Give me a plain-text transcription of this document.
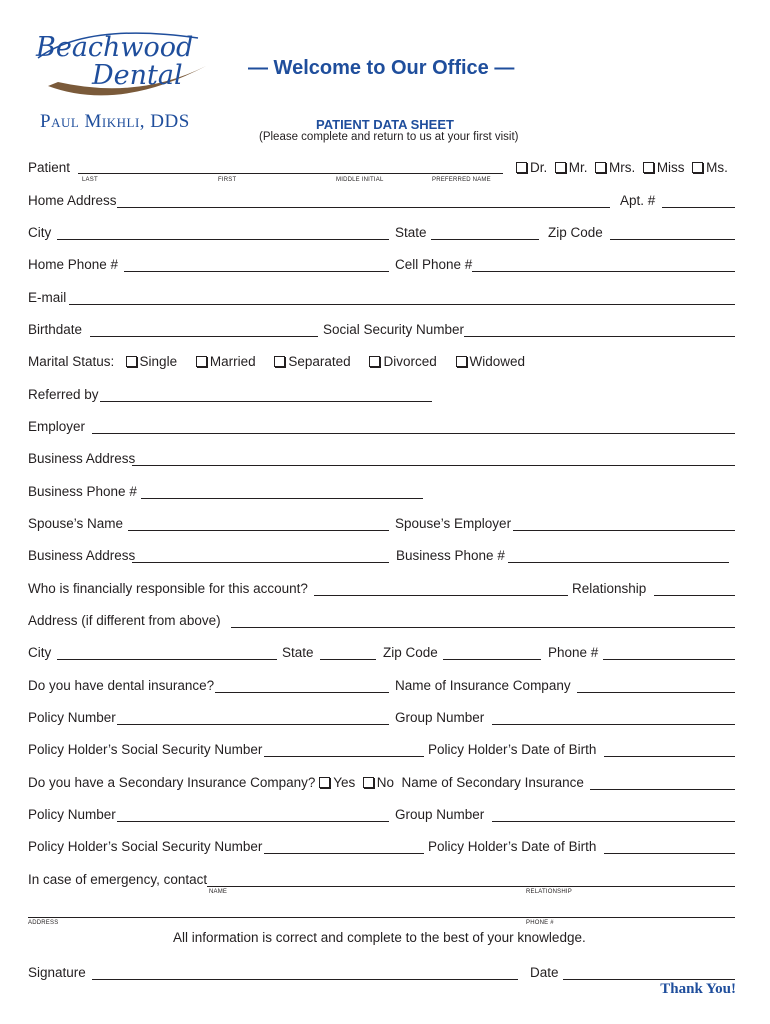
Beachwood
Dental	— Welcome to Our Office —
Paul Mikhli, DDS	PATIENT DATA SHEET
(Please complete and return to us at your first visit)
Patient
LAST	FIRST	MIDDLE INITIAL	PREFERRED NAME
Dr. Mr. Mrs. Miss Ms.
Home Address	Apt. #
City	State	Zip Code
Home Phone #	Cell Phone #
E-mail
Birthdate	Social Security Number
Marital Status: Single Married Separated Divorced Widowed
Referred by
Employer
Business Address
Business Phone #
Spouse’s Name	Spouse’s Employer
Business Address	Business Phone #
Who is financially responsible for this account?	Relationship
Address (if different from above)
City	State	Zip Code	Phone #
Do you have dental insurance?	Name of Insurance Company
Policy Number	Group Number
Policy Holder’s Social Security Number	Policy Holder’s Date of Birth
Do you have a Secondary Insurance Company? Yes No Name of Secondary Insurance
Policy Number	Group Number
Policy Holder’s Social Security Number	Policy Holder’s Date of Birth
In case of emergency, contact
NAME	RELATIONSHIP
ADDRESS	PHONE #
All information is correct and complete to the best of your knowledge.
Signature	Date
Thank You!
